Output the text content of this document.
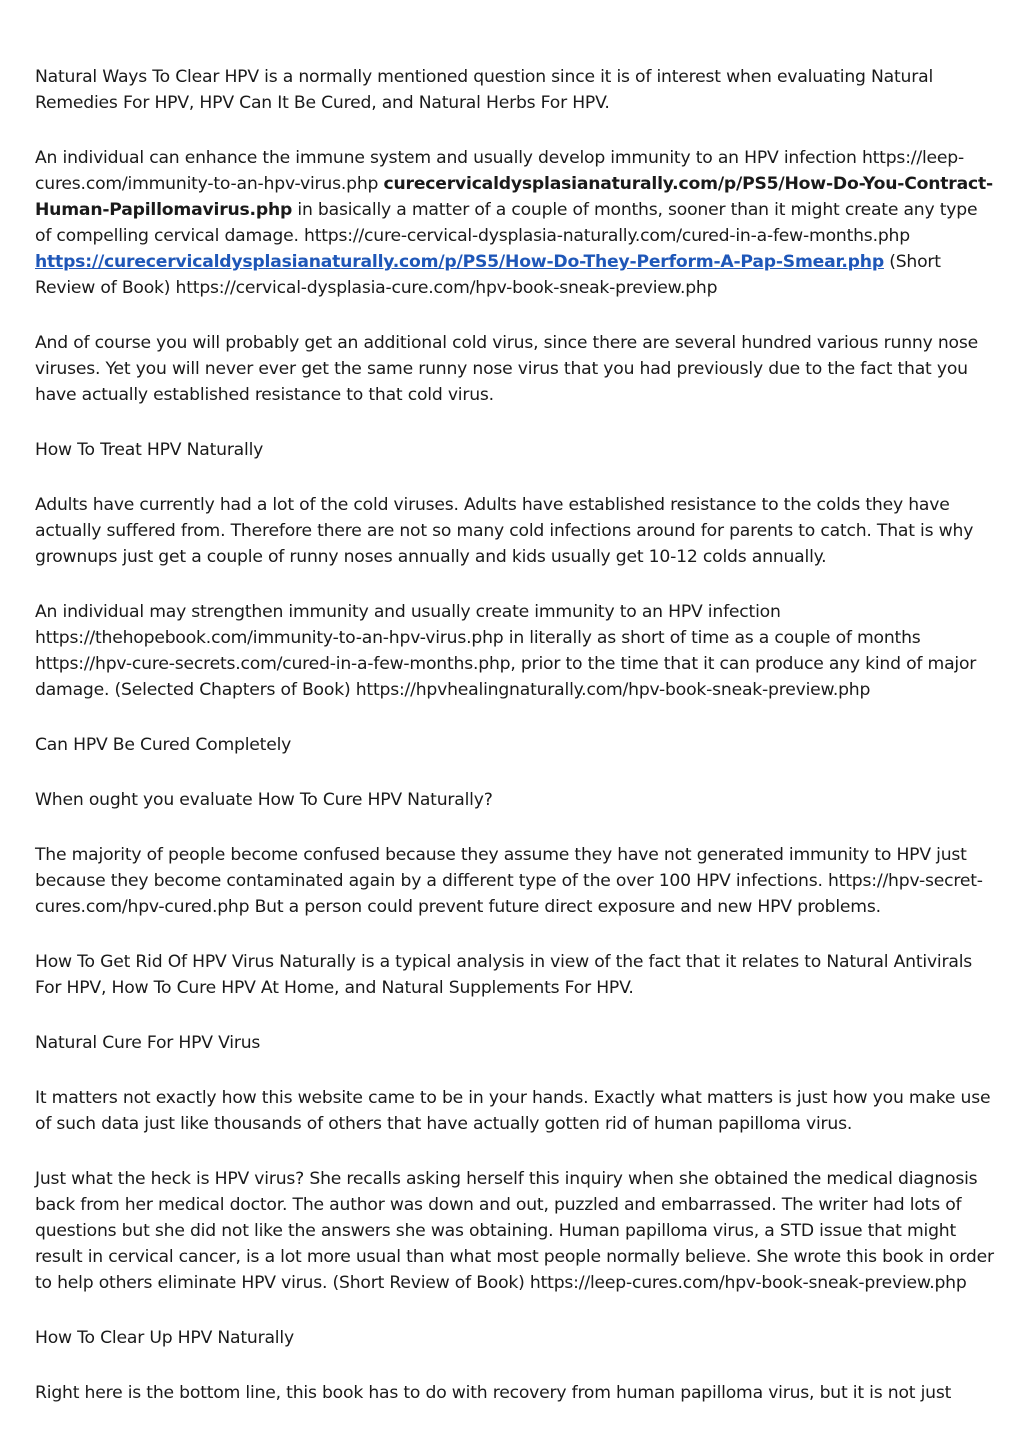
Natural Ways To Clear HPV is a normally mentioned question since it is of interest when evaluating Natural Remedies For HPV, HPV Can It Be Cured, and Natural Herbs For HPV.

An individual can enhance the immune system and usually develop immunity to an HPV infection https://leep-cures.com/immunity-to-an-hpv-virus.php curecervicaldysplasianaturally.com/p/PS5/How-Do-You-Contract-Human-Papillomavirus.php in basically a matter of a couple of months, sooner than it might create any type of compelling cervical damage. https://cure-cervical-dysplasia-naturally.com/cured-in-a-few-months.php https://curecervicaldysplasianaturally.com/p/PS5/How-Do-They-Perform-A-Pap-Smear.php (Short Review of Book) https://cervical-dysplasia-cure.com/hpv-book-sneak-preview.php

And of course you will probably get an additional cold virus, since there are several hundred various runny nose viruses. Yet you will never ever get the same runny nose virus that you had previously due to the fact that you have actually established resistance to that cold virus.

How To Treat HPV Naturally

Adults have currently had a lot of the cold viruses. Adults have established resistance to the colds they have actually suffered from. Therefore there are not so many cold infections around for parents to catch. That is why grownups just get a couple of runny noses annually and kids usually get 10-12 colds annually.

An individual may strengthen immunity and usually create immunity to an HPV infection https://thehopebook.com/immunity-to-an-hpv-virus.php in literally as short of time as a couple of months https://hpv-cure-secrets.com/cured-in-a-few-months.php, prior to the time that it can produce any kind of major damage. (Selected Chapters of Book) https://hpvhealingnaturally.com/hpv-book-sneak-preview.php

Can HPV Be Cured Completely

When ought you evaluate How To Cure HPV Naturally?

The majority of people become confused because they assume they have not generated immunity to HPV just because they become contaminated again by a different type of the over 100 HPV infections. https://hpv-secret-cures.com/hpv-cured.php But a person could prevent future direct exposure and new HPV problems.

How To Get Rid Of HPV Virus Naturally is a typical analysis in view of the fact that it relates to Natural Antivirals For HPV, How To Cure HPV At Home, and Natural Supplements For HPV.

Natural Cure For HPV Virus

It matters not exactly how this website came to be in your hands. Exactly what matters is just how you make use of such data just like thousands of others that have actually gotten rid of human papilloma virus.

Just what the heck is HPV virus? She recalls asking herself this inquiry when she obtained the medical diagnosis back from her medical doctor. The author was down and out, puzzled and embarrassed. The writer had lots of questions but she did not like the answers she was obtaining. Human papilloma virus, a STD issue that might result in cervical cancer, is a lot more usual than what most people normally believe. She wrote this book in order to help others eliminate HPV virus. (Short Review of Book) https://leep-cures.com/hpv-book-sneak-preview.php

How To Clear Up HPV Naturally

Right here is the bottom line, this book has to do with recovery from human papilloma virus, but it is not just
